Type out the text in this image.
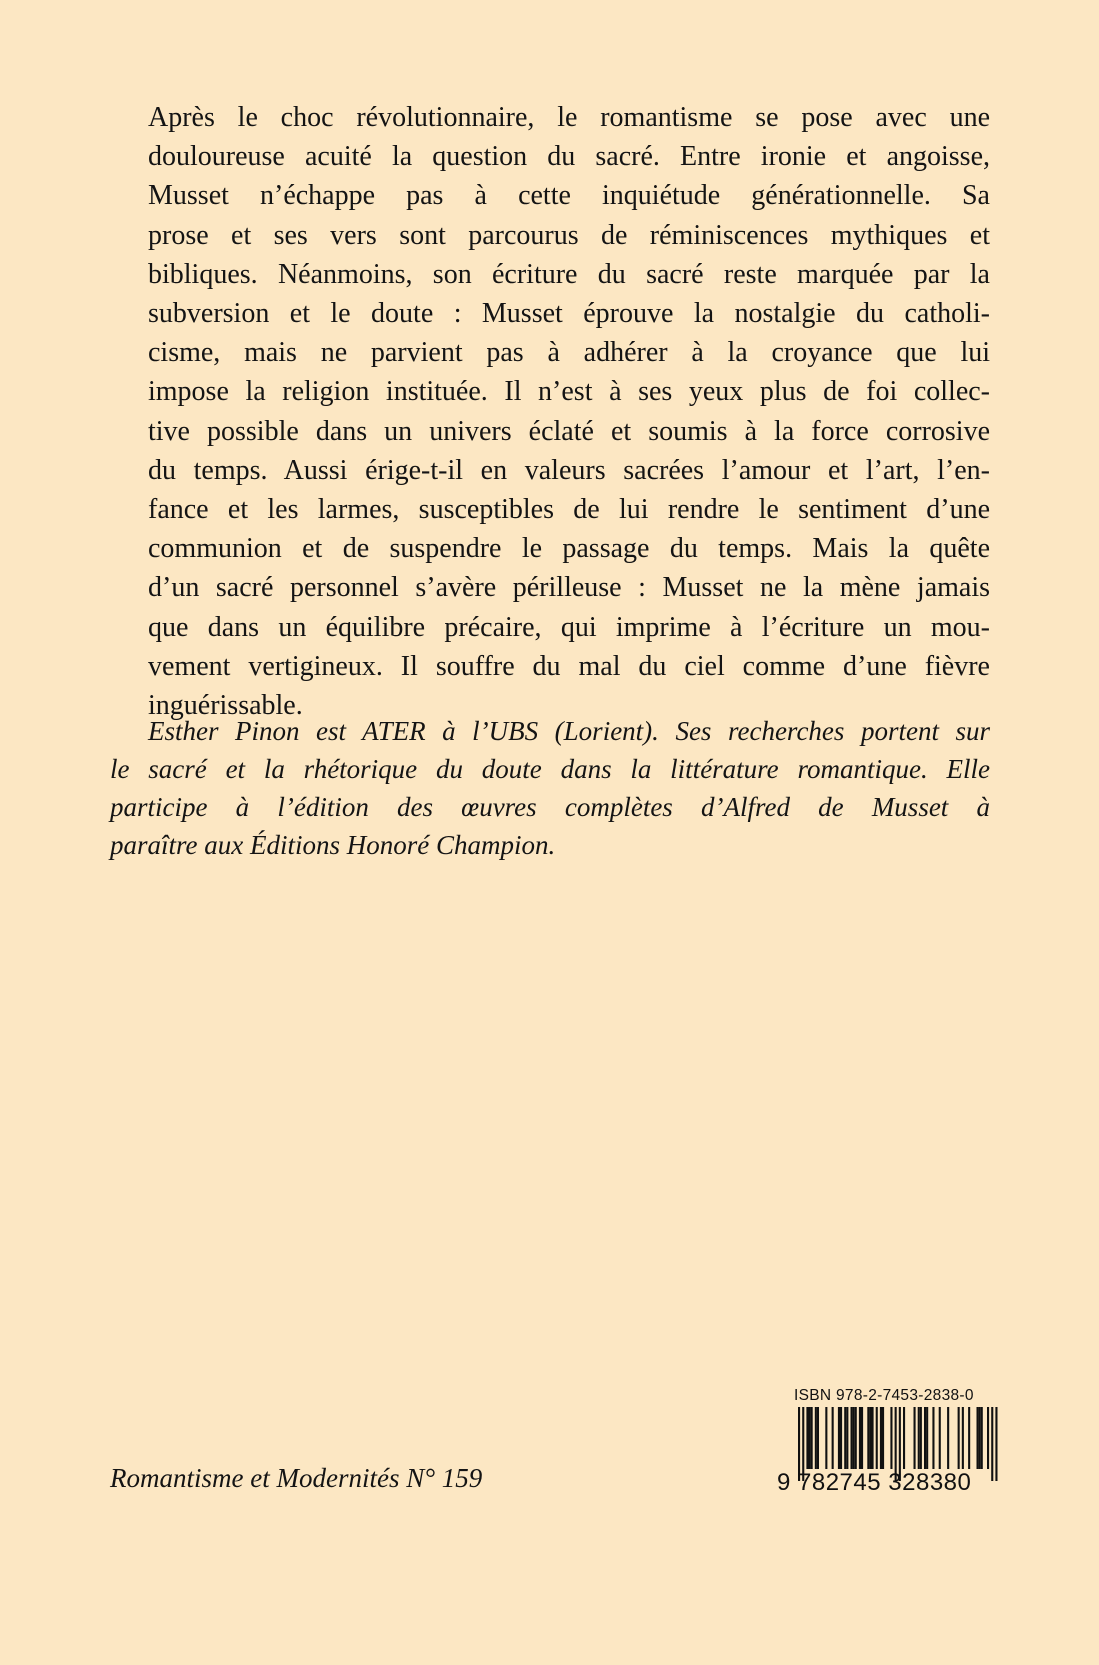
Après le choc révolutionnaire, le romantisme se pose avec une
douloureuse acuité la question du sacré. Entre ironie et angoisse,
Musset n’échappe pas à cette inquiétude générationnelle. Sa
prose et ses vers sont parcourus de réminiscences mythiques et
bibliques. Néanmoins, son écriture du sacré reste marquée par la
subversion et le doute : Musset éprouve la nostalgie du catholi-
cisme, mais ne parvient pas à adhérer à la croyance que lui
impose la religion instituée. Il n’est à ses yeux plus de foi collec-
tive possible dans un univers éclaté et soumis à la force corrosive
du temps. Aussi érige-t-il en valeurs sacrées l’amour et l’art, l’en-
fance et les larmes, susceptibles de lui rendre le sentiment d’une
communion et de suspendre le passage du temps. Mais la quête
d’un sacré personnel s’avère périlleuse : Musset ne la mène jamais
que dans un équilibre précaire, qui imprime à l’écriture un mou-
vement vertigineux. Il souffre du mal du ciel comme d’une fièvre
inguérissable.
Esther Pinon est ATER à l’UBS (Lorient). Ses recherches portent sur
le sacré et la rhétorique du doute dans la littérature romantique. Elle
participe à l’édition des œuvres complètes d’Alfred de Musset à
paraître aux Éditions Honoré Champion.
Romantisme et Modernités N° 159
ISBN 978-2-7453-2838-0
9 782745 328380
